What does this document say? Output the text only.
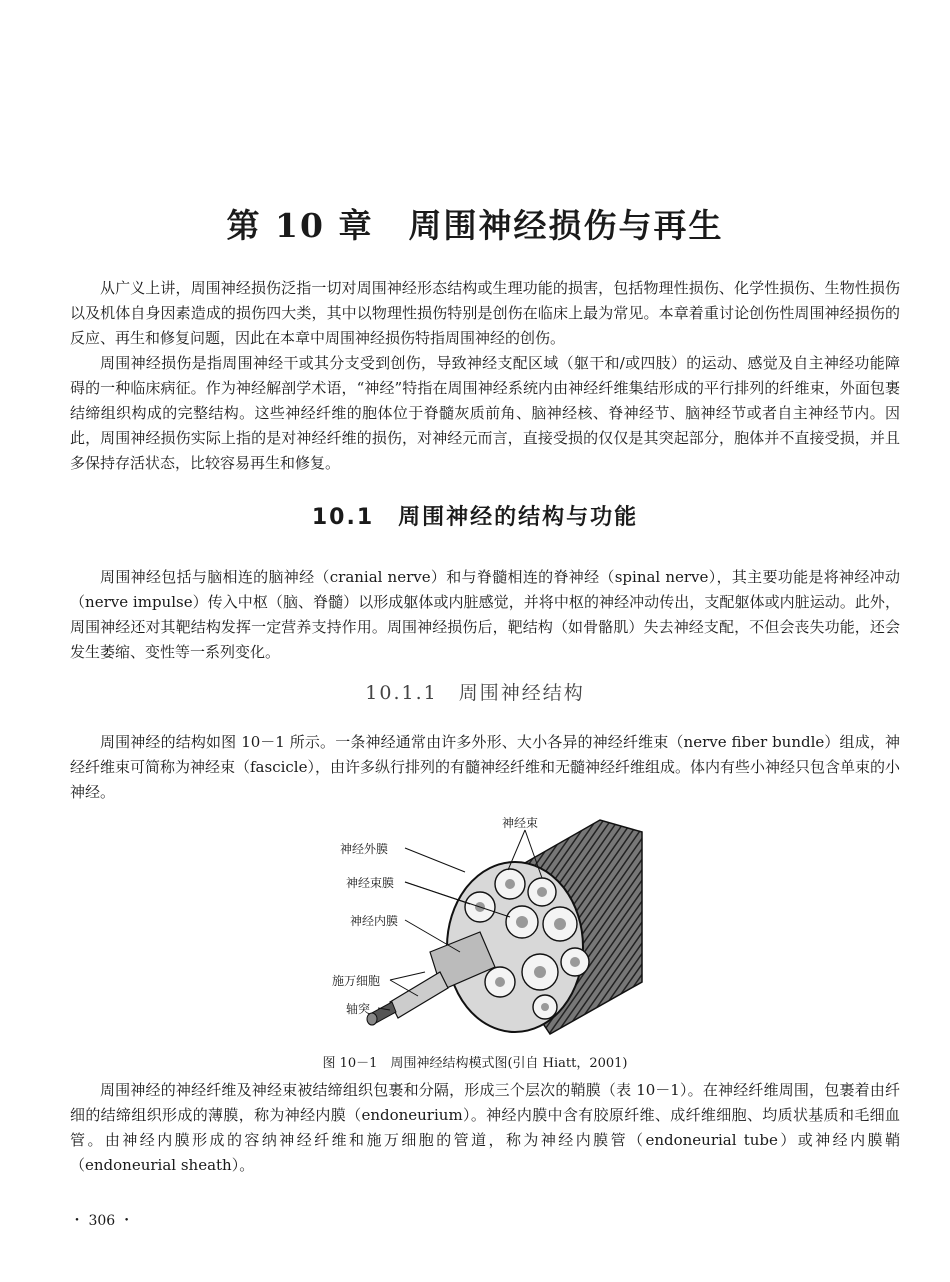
第 10 章　周围神经损伤与再生

从广义上讲，周围神经损伤泛指一切对周围神经形态结构或生理功能的损害，包括物理性损伤、化学性损伤、生物性损伤以及机体自身因素造成的损伤四大类，其中以物理性损伤特别是创伤在临床上最为常见。本章着重讨论创伤性周围神经损伤的反应、再生和修复问题，因此在本章中周围神经损伤特指周围神经的创伤。

周围神经损伤是指周围神经干或其分支受到创伤，导致神经支配区域（躯干和/或四肢）的运动、感觉及自主神经功能障碍的一种临床病征。作为神经解剖学术语，“神经”特指在周围神经系统内由神经纤维集结形成的平行排列的纤维束，外面包裹结缔组织构成的完整结构。这些神经纤维的胞体位于脊髓灰质前角、脑神经核、脊神经节、脑神经节或者自主神经节内。因此，周围神经损伤实际上指的是对神经纤维的损伤，对神经元而言，直接受损的仅仅是其突起部分，胞体并不直接受损，并且多保持存活状态，比较容易再生和修复。

10.1　周围神经的结构与功能

周围神经包括与脑相连的脑神经（cranial nerve）和与脊髓相连的脊神经（spinal nerve），其主要功能是将神经冲动（nerve impulse）传入中枢（脑、脊髓）以形成躯体或内脏感觉，并将中枢的神经冲动传出，支配躯体或内脏运动。此外，周围神经还对其靶结构发挥一定营养支持作用。周围神经损伤后，靶结构（如骨骼肌）失去神经支配，不但会丧失功能，还会发生萎缩、变性等一系列变化。

10.1.1　周围神经结构

周围神经的结构如图 10－1 所示。一条神经通常由许多外形、大小各异的神经纤维束（nerve fiber bundle）组成，神经纤维束可简称为神经束（fascicle），由许多纵行排列的有髓神经纤维和无髓神经纤维组成。体内有些小神经只包含单束的小神经。

神经束
神经外膜
神经束膜
神经内膜
施万细胞
轴突

图 10－1　周围神经结构模式图(引自 Hiatt，2001)

周围神经的神经纤维及神经束被结缔组织包裹和分隔，形成三个层次的鞘膜（表 10－1）。在神经纤维周围，包裹着由纤细的结缔组织形成的薄膜，称为神经内膜（endoneurium）。神经内膜中含有胶原纤维、成纤维细胞、均质状基质和毛细血管。由神经内膜形成的容纳神经纤维和施万细胞的管道，称为神经内膜管（endoneurial tube）或神经内膜鞘（endoneurial sheath）。

・ 306 ・
